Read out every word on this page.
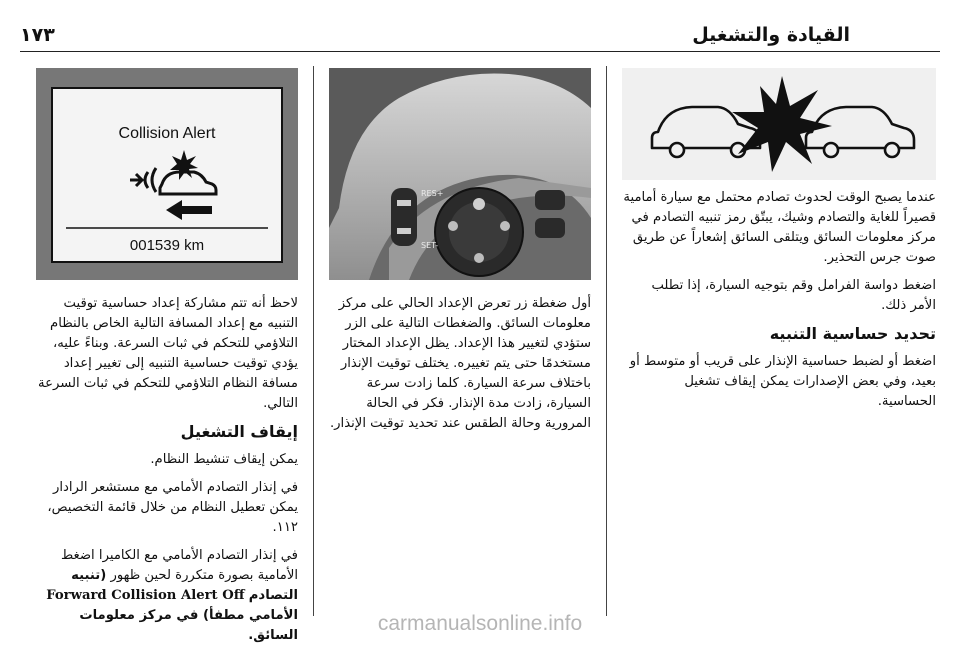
القيادة والتشغيل
١٧٣

عندما يصبح الوقت لحدوث تصادم محتمل مع سيارة أمامية قصيراً للغاية والتصادم وشيك، يبتّق رمز تنبيه التصادم في مركز معلومات السائق ويتلقى السائق إشعاراً عن طريق صوت جرس التحذير.

اضغط دواسة الفرامل وقم بتوجيه السيارة، إذا تطلب الأمر ذلك.

تحديد حساسية التنبيه

اضغط أو لضبط حساسية الإنذار على قريب أو متوسط أو بعيد، وفي بعض الإصدارات يمكن إيقاف تشغيل الحساسية.

RES+
SET-

أول ضغطة زر تعرض الإعداد الحالي على مركز معلومات السائق. والضغطات التالية على الزر ستؤدي لتغيير هذا الإعداد. يظل الإعداد المختار مستخدمًا حتى يتم تغييره. يختلف توقيت الإنذار باختلاف سرعة السيارة. كلما زادت سرعة السيارة، زادت مدة الإنذار. فكر في الحالة المرورية وحالة الطقس عند تحديد توقيت الإنذار.

Collision Alert
001539 km

لاحظ أنه تتم مشاركة إعداد حساسية توقيت التنبيه مع إعداد المسافة التالية الخاص بالنظام التلاؤمي للتحكم في ثبات السرعة. وبناءً عليه، يؤدي توقيت حساسية التنبيه إلى تغيير إعداد مسافة النظام التلاؤمي للتحكم في ثبات السرعة التالي.

إيقاف التشغيل

يمكن إيقاف تنشيط النظام.

في إنذار التصادم الأمامي مع مستشعر الرادار يمكن تعطيل النظام من خلال قائمة التخصيص، ١١٢.

في إنذار التصادم الأمامي مع الكاميرا اضغط الأمامية بصورة متكررة لحين ظهور (تنبيه التصادم Forward Collision Alert Off الأمامي مطفأ) في مركز معلومات السائق.

carmanualsonline.info
